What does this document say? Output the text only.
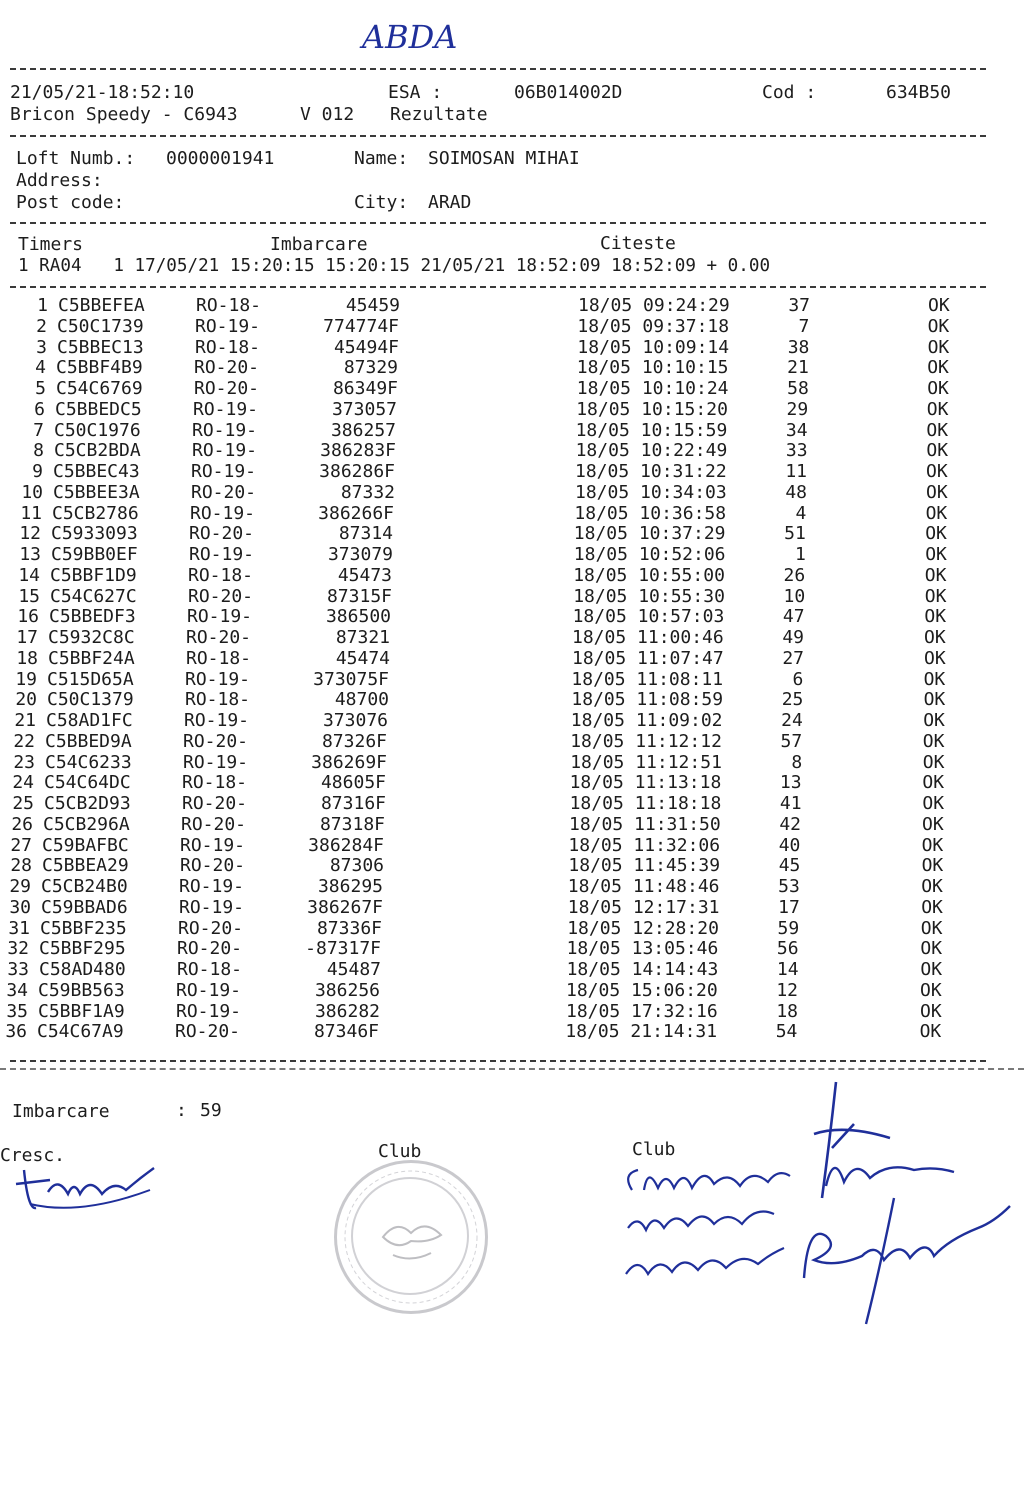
ABDA
21/05/21-18:52:10	ESA :	06B014002D	Cod :	634B50
Bricon Speedy - C6943	V 012 Rezultate
Loft Numb.: 0000001941	Name: SOIMOSAN MIHAI
Address:
Post code:	City: ARAD
Timers	Imbarcare	Citeste
1 RA04   1 17/05/21 15:20:15 15:20:15 21/05/21 18:52:09 18:52:09 + 0.00
1 C5BBEFEA	RO-18-	45459	18/05 09:24:29	37	OK
2 C50C1739	RO-19-	774774F	18/05 09:37:18	7	OK
3 C5BBEC13	RO-18-	45494F	18/05 10:09:14	38	OK
4 C5BBF4B9	RO-20-	87329	18/05 10:10:15	21	OK
5 C54C6769	RO-20-	86349F	18/05 10:10:24	58	OK
6 C5BBEDC5	RO-19-	373057	18/05 10:15:20	29	OK
7 C50C1976	RO-19-	386257	18/05 10:15:59	34	OK
8 C5CB2BDA	RO-19-	386283F	18/05 10:22:49	33	OK
9 C5BBEC43	RO-19-	386286F	18/05 10:31:22	11	OK
10 C5BBEE3A	RO-20-	87332	18/05 10:34:03	48	OK
11 C5CB2786	RO-19-	386266F	18/05 10:36:58	4	OK
12 C5933093	RO-20-	87314	18/05 10:37:29	51	OK
13 C59BB0EF	RO-19-	373079	18/05 10:52:06	1	OK
14 C5BBF1D9	RO-18-	45473	18/05 10:55:00	26	OK
15 C54C627C	RO-20-	87315F	18/05 10:55:30	10	OK
16 C5BBEDF3	RO-19-	386500	18/05 10:57:03	47	OK
17 C5932C8C	RO-20-	87321	18/05 11:00:46	49	OK
18 C5BBF24A	RO-18-	45474	18/05 11:07:47	27	OK
19 C515D65A	RO-19-	373075F	18/05 11:08:11	6	OK
20 C50C1379	RO-18-	48700	18/05 11:08:59	25	OK
21 C58AD1FC	RO-19-	373076	18/05 11:09:02	24	OK
22 C5BBED9A	RO-20-	87326F	18/05 11:12:12	57	OK
23 C54C6233	RO-19-	386269F	18/05 11:12:51	8	OK
24 C54C64DC	RO-18-	48605F	18/05 11:13:18	13	OK
25 C5CB2D93	RO-20-	87316F	18/05 11:18:18	41	OK
26 C5CB296A	RO-20-	87318F	18/05 11:31:50	42	OK
27 C59BAFBC	RO-19-	386284F	18/05 11:32:06	40	OK
28 C5BBEA29	RO-20-	87306	18/05 11:45:39	45	OK
29 C5CB24B0	RO-19-	386295	18/05 11:48:46	53	OK
30 C59BBAD6	RO-19-	386267F	18/05 12:17:31	17	OK
31 C5BBF235	RO-20-	87336F	18/05 12:28:20	59	OK
32 C5BBF295	RO-20-	-87317F	18/05 13:05:46	56	OK
33 C58AD480	RO-18-	45487	18/05 14:14:43	14	OK
34 C59BB563	RO-19-	386256	18/05 15:06:20	12	OK
35 C5BBF1A9	RO-19-	386282	18/05 17:32:16	18	OK
36 C54C67A9	RO-20-	87346F	18/05 21:14:31	54	OK
Imbarcare	: 59
Cresc.	Club	Club
